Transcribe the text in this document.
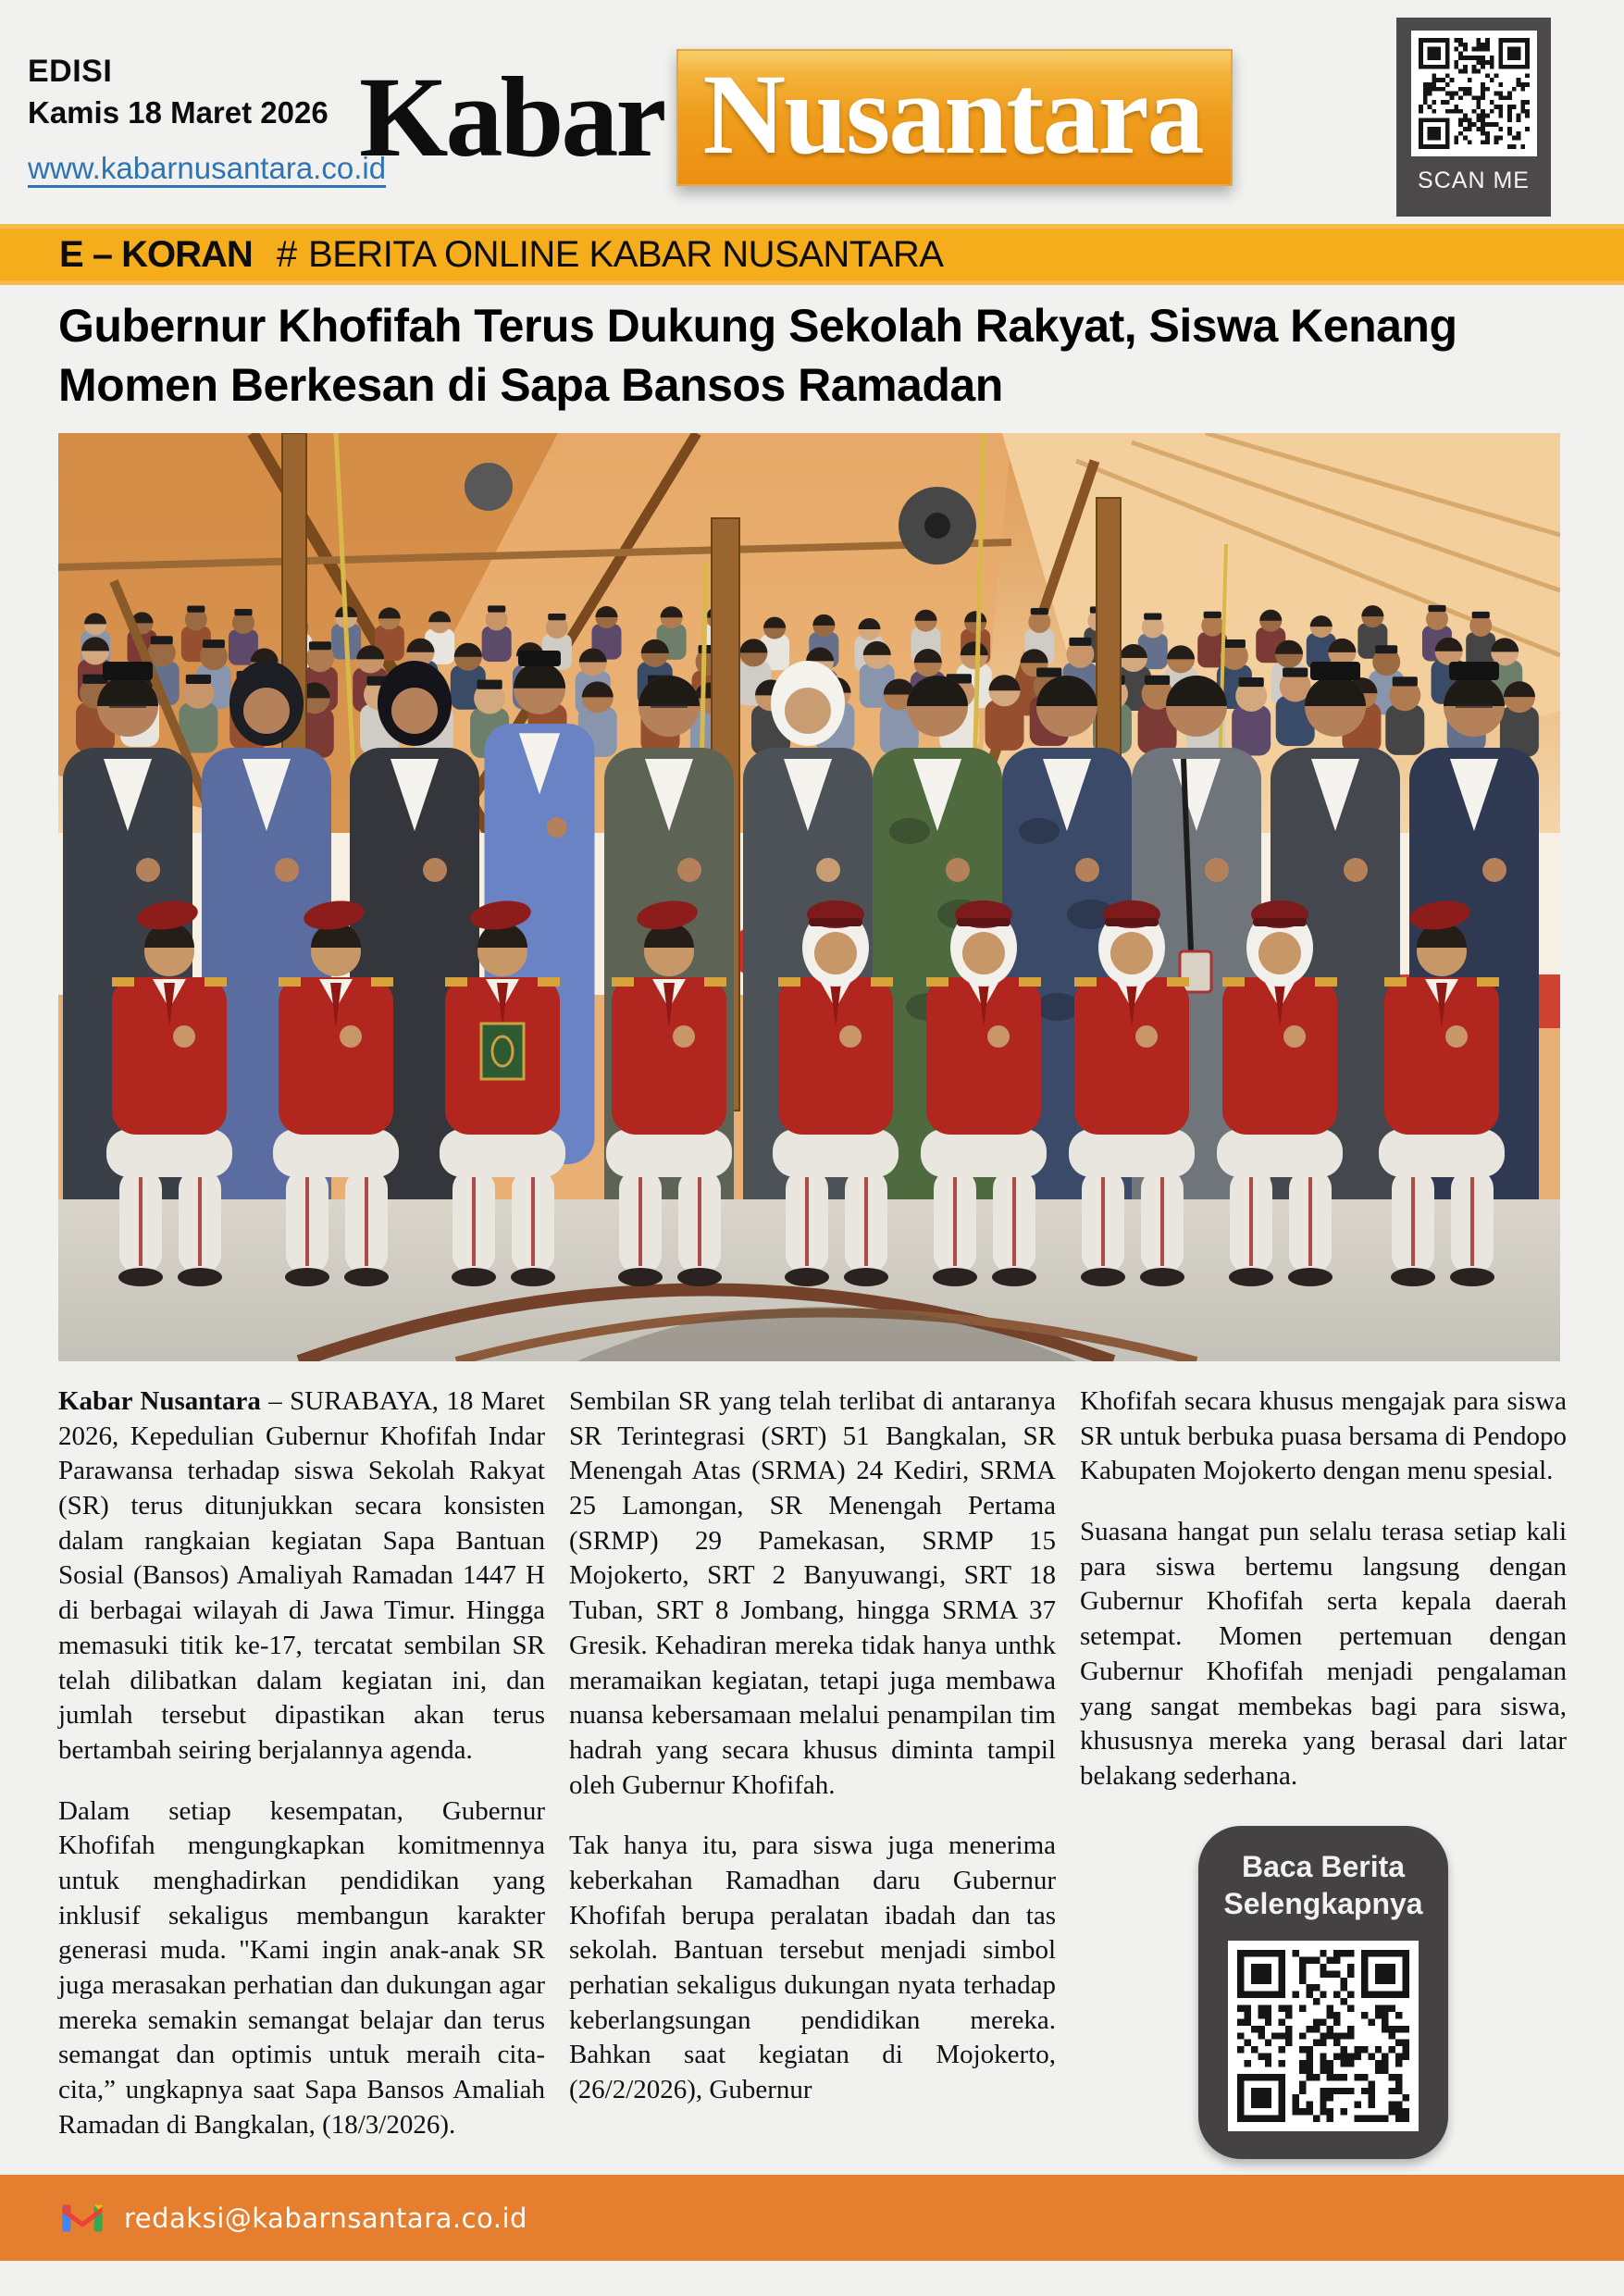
EDISI
Kamis 18 Maret 2026
www.kabarnusantara.co.id
Kabar Nusantara
SCAN ME
E – KORAN # BERITA ONLINE KABAR NUSANTARA
Gubernur Khofifah Terus Dukung Sekolah Rakyat, Siswa Kenang Momen Berkesan di Sapa Bansos Ramadan

Kabar Nusantara – SURABAYA, 18 Maret 2026, Kepedulian Gubernur Khofifah Indar Parawansa terhadap siswa Sekolah Rakyat (SR) terus ditunjukkan secara konsisten dalam rangkaian kegiatan Sapa Bantuan Sosial (Bansos) Amaliyah Ramadan 1447 H di berbagai wilayah di Jawa Timur. Hingga memasuki titik ke-17, tercatat sembilan SR telah dilibatkan dalam kegiatan ini, dan jumlah tersebut dipastikan akan terus bertambah seiring berjalannya agenda.

Dalam setiap kesempatan, Gubernur Khofifah mengungkapkan komitmennya untuk menghadirkan pendidikan yang inklusif sekaligus membangun karakter generasi muda. "Kami ingin anak-anak SR juga merasakan perhatian dan dukungan agar mereka semakin semangat belajar dan terus semangat dan optimis untuk meraih cita-cita,” ungkapnya saat Sapa Bansos Amaliah Ramadan di Bangkalan, (18/3/2026).

Sembilan SR yang telah terlibat di antaranya SR Terintegrasi (SRT) 51 Bangkalan, SR Menengah Atas (SRMA) 24 Kediri, SRMA 25 Lamongan, SR Menengah Pertama (SRMP) 29 Pamekasan, SRMP 15 Mojokerto, SRT 2 Banyuwangi, SRT 18 Tuban, SRT 8 Jombang, hingga SRMA 37 Gresik. Kehadiran mereka tidak hanya unthk meramaikan kegiatan, tetapi juga membawa nuansa kebersamaan melalui penampilan tim hadrah yang secara khusus diminta tampil oleh Gubernur Khofifah.

Tak hanya itu, para siswa juga menerima keberkahan Ramadhan daru Gubernur Khofifah berupa peralatan ibadah dan tas sekolah. Bantuan tersebut menjadi simbol perhatian sekaligus dukungan nyata terhadap keberlangsungan pendidikan mereka. Bahkan saat kegiatan di Mojokerto, (26/2/2026), Gubernur

Khofifah secara khusus mengajak para siswa SR untuk berbuka puasa bersama di Pendopo Kabupaten Mojokerto dengan menu spesial.

Suasana hangat pun selalu terasa setiap kali para siswa bertemu langsung dengan Gubernur Khofifah serta kepala daerah setempat. Momen pertemuan dengan Gubernur Khofifah menjadi pengalaman yang sangat membekas bagi para siswa, khususnya mereka yang berasal dari latar belakang sederhana.

Baca Berita
Selengkapnya
redaksi@kabarnsantara.co.id
